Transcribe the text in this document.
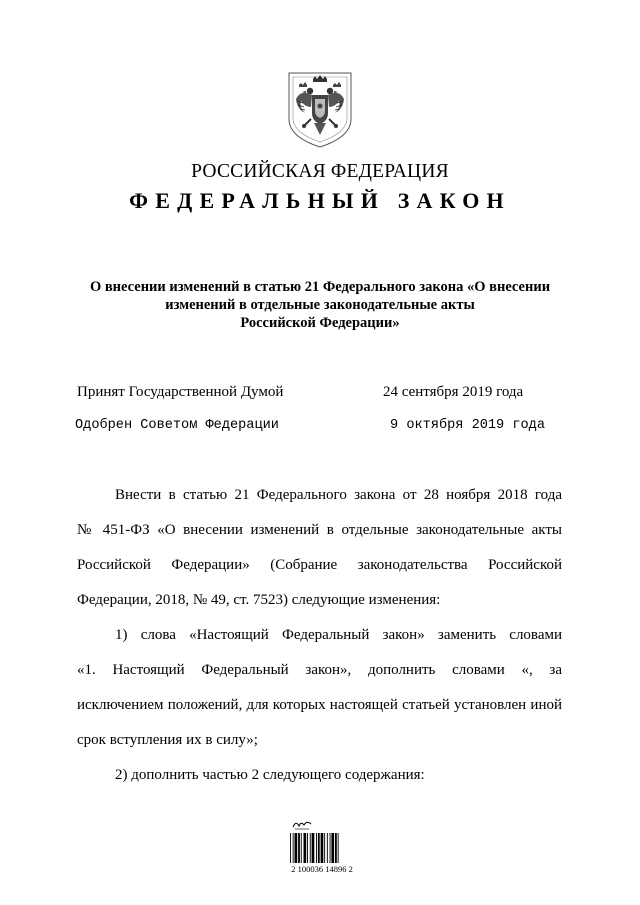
РОССИЙСКАЯ ФЕДЕРАЦИЯ
ФЕДЕРАЛЬНЫЙ ЗАКОН
О внесении изменений в статью 21 Федерального закона «О внесении
изменений в отдельные законодательные акты
Российской Федерации»
Принят Государственной Думой	24 сентября 2019 года
Одобрен Советом Федерации	9 октября 2019 года
Внести в статью 21 Федерального закона от 28 ноября 2018 года
№ 451-ФЗ «О внесении изменений в отдельные законодательные акты
Российской Федерации» (Собрание законодательства Российской
Федерации, 2018, № 49, ст. 7523) следующие изменения:
1) слова «Настоящий Федеральный закон» заменить словами
«1. Настоящий Федеральный закон», дополнить словами «, за
исключением положений, для которых настоящей статьей установлен иной
срок вступления их в силу»;
2) дополнить частью 2 следующего содержания:
2 100036 14896 2
